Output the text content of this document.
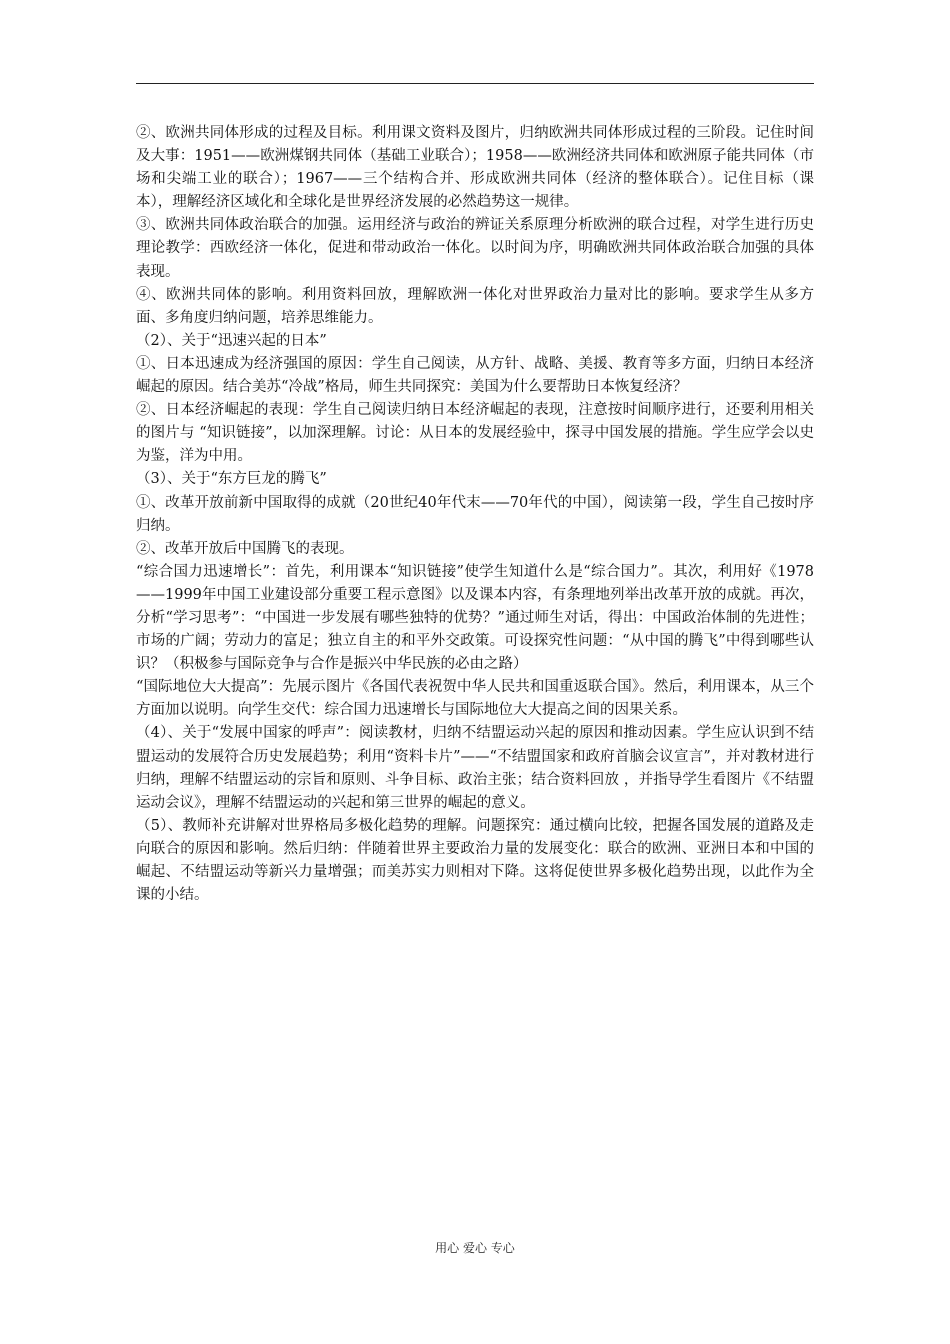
②、欧洲共同体形成的过程及目标。利用课文资料及图片，归纳欧洲共同体形成过程的三阶段。记住时间及大事：1951——欧洲煤钢共同体（基础工业联合）；1958——欧洲经济共同体和欧洲原子能共同体（市场和尖端工业的联合）；1967——三个结构合并、形成欧洲共同体（经济的整体联合）。记住目标（课本），理解经济区域化和全球化是世界经济发展的必然趋势这一规律。

③、欧洲共同体政治联合的加强。运用经济与政治的辨证关系原理分析欧洲的联合过程，对学生进行历史理论教学：西欧经济一体化，促进和带动政治一体化。以时间为序，明确欧洲共同体政治联合加强的具体表现。

④、欧洲共同体的影响。利用资料回放，理解欧洲一体化对世界政治力量对比的影响。要求学生从多方面、多角度归纳问题，培养思维能力。

（2）、关于“迅速兴起的日本”

①、日本迅速成为经济强国的原因：学生自己阅读，从方针、战略、美援、教育等多方面，归纳日本经济崛起的原因。结合美苏“冷战”格局，师生共同探究：美国为什么要帮助日本恢复经济？

②、日本经济崛起的表现：学生自己阅读归纳日本经济崛起的表现，注意按时间顺序进行，还要利用相关的图片与 “知识链接”，以加深理解。讨论：从日本的发展经验中，探寻中国发展的措施。学生应学会以史为鉴，洋为中用。

（3）、关于“东方巨龙的腾飞”

①、改革开放前新中国取得的成就（20世纪40年代末——70年代的中国），阅读第一段，学生自己按时序归纳。

②、改革开放后中国腾飞的表现。

“综合国力迅速增长”：首先，利用课本“知识链接”使学生知道什么是“综合国力”。其次，利用好《1978——1999年中国工业建设部分重要工程示意图》以及课本内容，有条理地列举出改革开放的成就。再次，分析“学习思考”：“中国进一步发展有哪些独特的优势？”通过师生对话，得出：中国政治体制的先进性；市场的广阔；劳动力的富足；独立自主的和平外交政策。可设探究性问题：“从中国的腾飞”中得到哪些认识？（积极参与国际竞争与合作是振兴中华民族的必由之路）

“国际地位大大提高”：先展示图片《各国代表祝贺中华人民共和国重返联合国》。然后，利用课本，从三个方面加以说明。向学生交代：综合国力迅速增长与国际地位大大提高之间的因果关系。

（4）、关于“发展中国家的呼声”：阅读教材，归纳不结盟运动兴起的原因和推动因素。学生应认识到不结盟运动的发展符合历史发展趋势；利用“资料卡片”——“不结盟国家和政府首脑会议宣言”，并对教材进行归纳，理解不结盟运动的宗旨和原则、斗争目标、政治主张；结合资料回放 ，并指导学生看图片《不结盟运动会议》，理解不结盟运动的兴起和第三世界的崛起的意义。

（5）、教师补充讲解对世界格局多极化趋势的理解。问题探究：通过横向比较，把握各国发展的道路及走向联合的原因和影响。然后归纳：伴随着世界主要政治力量的发展变化：联合的欧洲、亚洲日本和中国的崛起、不结盟运动等新兴力量增强；而美苏实力则相对下降。这将促使世界多极化趋势出现，以此作为全课的小结。

用心 爱心 专心
